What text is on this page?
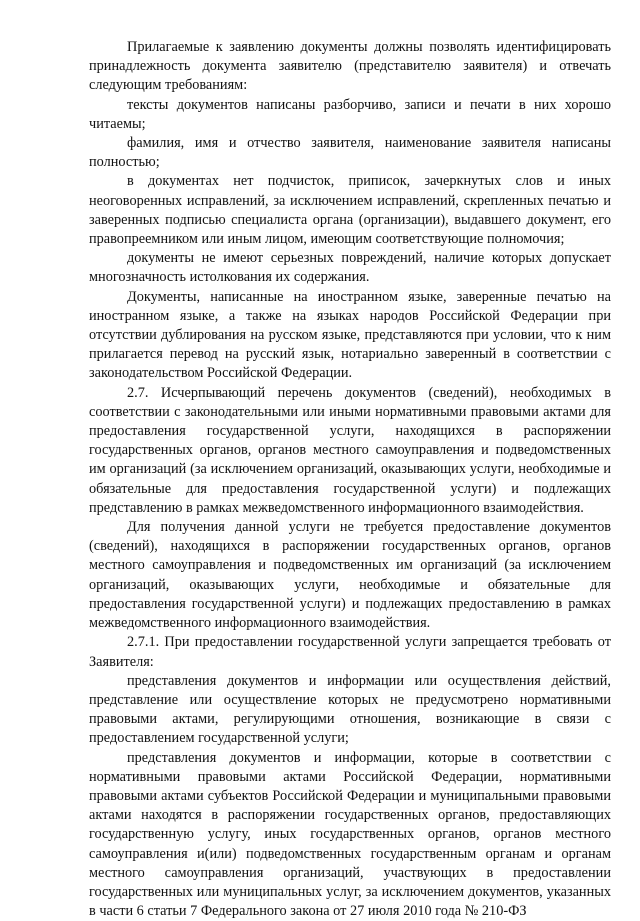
Прилагаемые к заявлению документы должны позволять идентифицировать принадлежность документа заявителю (представителю заявителя) и отвечать следующим требованиям:

тексты документов написаны разборчиво, записи и печати в них хорошо читаемы;

фамилия, имя и отчество заявителя, наименование заявителя написаны полностью;

в документах нет подчисток, приписок, зачеркнутых слов и иных неоговоренных исправлений, за исключением исправлений, скрепленных печатью и заверенных подписью специалиста органа (организации), выдавшего документ, его правопреемником или иным лицом, имеющим соответствующие полномочия;

документы не имеют серьезных повреждений, наличие которых допускает многозначность истолкования их содержания.

Документы, написанные на иностранном языке, заверенные печатью на иностранном языке, а также на языках народов Российской Федерации при отсутствии дублирования на русском языке, представляются при условии, что к ним прилагается перевод на русский язык, нотариально заверенный в соответствии с законодательством Российской Федерации.

2.7. Исчерпывающий перечень документов (сведений), необходимых в соответствии с законодательными или иными нормативными правовыми актами для предоставления государственной услуги, находящихся в распоряжении государственных органов, органов местного самоуправления и подведомственных им организаций (за исключением организаций, оказывающих услуги, необходимые и обязательные для предоставления государственной услуги) и подлежащих представлению в рамках межведомственного информационного взаимодействия.

Для получения данной услуги не требуется предоставление документов (сведений), находящихся в распоряжении государственных органов, органов местного самоуправления и подведомственных им организаций (за исключением организаций, оказывающих услуги, необходимые и обязательные для предоставления государственной услуги) и подлежащих предоставлению в рамках межведомственного информационного взаимодействия.

2.7.1. При предоставлении государственной услуги запрещается требовать от Заявителя:

представления документов и информации или осуществления действий, представление или осуществление которых не предусмотрено нормативными правовыми актами, регулирующими отношения, возникающие в связи с предоставлением государственной услуги;

представления документов и информации, которые в соответствии с нормативными правовыми актами Российской Федерации, нормативными правовыми актами субъектов Российской Федерации и муниципальными правовыми актами находятся в распоряжении государственных органов, предоставляющих государственную услугу, иных государственных органов, органов местного самоуправления и(или) подведомственных государственным органам и органам местного самоуправления организаций, участвующих в предоставлении государственных или муниципальных услуг, за исключением документов, указанных в части 6 статьи 7 Федерального закона от 27 июля 2010 года № 210-ФЗ
